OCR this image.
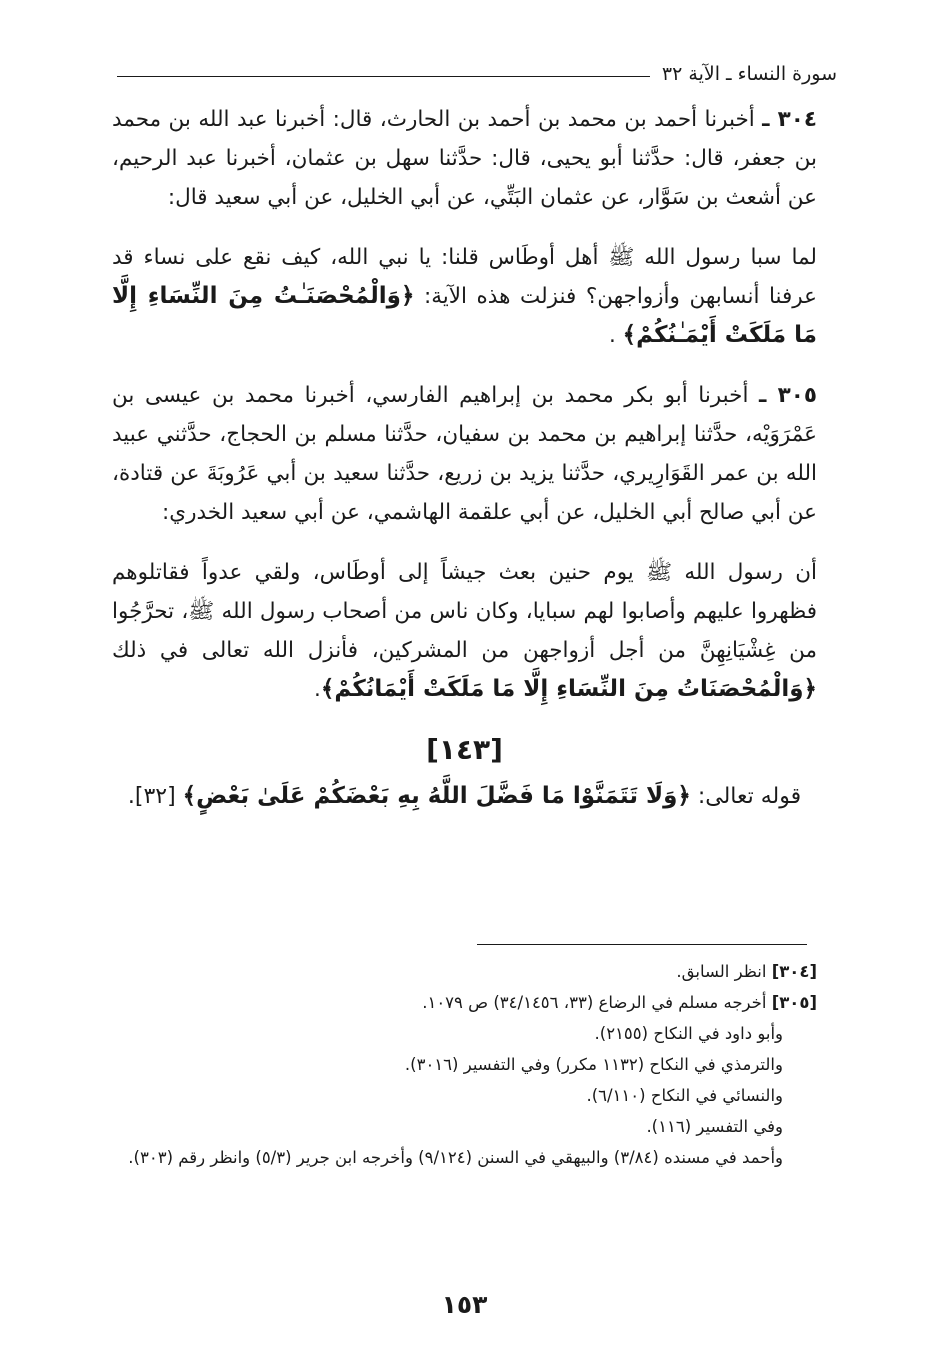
سورة النساء ـ الآية ٣٢

٣٠٤ ـ أخبرنا أحمد بن محمد بن أحمد بن الحارث، قال: أخبرنا عبد الله بن محمد بن جعفر، قال: حدَّثنا أبو يحيى، قال: حدَّثنا سهل بن عثمان، أخبرنا عبد الرحيم، عن أشعث بن سَوَّار، عن عثمان البَتِّي، عن أبي الخليل، عن أبي سعيد قال:

لما سبا رسول الله ﷺ أهل أوطَاس قلنا: يا نبي الله، كيف نقع على نساء قد عرفنا أنسابهن وأزواجهن؟ فنزلت هذه الآية: ﴿وَالْمُحْصَنَـٰتُ مِنَ النِّسَاءِ إِلَّا مَا مَلَكَتْ أَيْمَـٰنُكُمْ﴾ .

٣٠٥ ـ أخبرنا أبو بكر محمد بن إبراهيم الفارسي، أخبرنا محمد بن عيسى بن عَمْرَوَيْه، حدَّثنا إبراهيم بن محمد بن سفيان، حدَّثنا مسلم بن الحجاج، حدَّثني عبيد الله بن عمر القَوَارِيري، حدَّثنا يزيد بن زريع، حدَّثنا سعيد بن أبي عَرُوبَةَ عن قتادة، عن أبي صالح أبي الخليل، عن أبي علقمة الهاشمي، عن أبي سعيد الخدري:

أن رسول الله ﷺ يوم حنين بعث جيشاً إلى أوطَاس، ولقي عدواً فقاتلوهم فظهروا عليهم وأصابوا لهم سبايا، وكان ناس من أصحاب رسول الله ﷺ، تحرَّجُوا من غِشْيَانِهِنَّ من أجل أزواجهن من المشركين، فأنزل الله تعالى في ذلك ﴿وَالْمُحْصَنَاتُ مِنَ النِّسَاءِ إِلَّا مَا مَلَكَتْ أَيْمَانُكُمْ﴾.

[١٤٣]

قوله تعالى: ﴿وَلَا تَتَمَنَّوْا مَا فَضَّلَ اللَّهُ بِهِ بَعْضَكُمْ عَلَىٰ بَعْضٍ﴾ [٣٢].

[٣٠٤] انظر السابق.

[٣٠٥] أخرجه مسلم في الرضاع (٣٣، ٣٤/١٤٥٦) ص ١٠٧٩.

وأبو داود في النكاح (٢١٥٥).

والترمذي في النكاح (١١٣٢ مكرر) وفي التفسير (٣٠١٦).

والنسائي في النكاح (٦/١١٠).

وفي التفسير (١١٦).

وأحمد في مسنده (٣/٨٤) والبيهقي في السنن (٩/١٢٤) وأخرجه ابن جرير (٥/٣) وانظر رقم (٣٠٣).

١٥٣
